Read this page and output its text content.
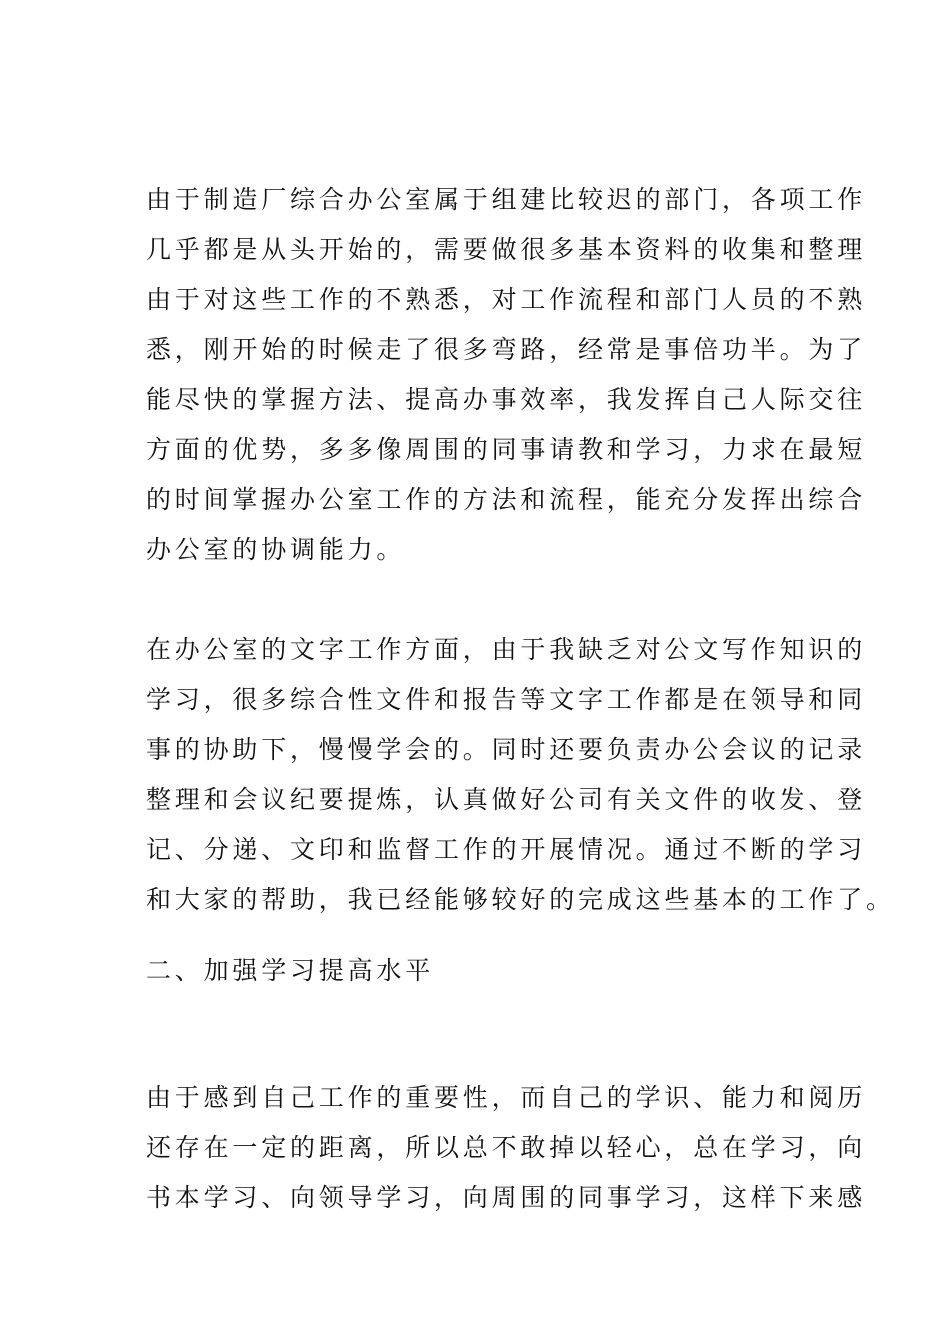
由于制造厂综合办公室属于组建比较迟的部门，各项工作
几乎都是从头开始的，需要做很多基本资料的收集和整理
由于对这些工作的不熟悉，对工作流程和部门人员的不熟
悉，刚开始的时候走了很多弯路，经常是事倍功半。为了
能尽快的掌握方法、提高办事效率，我发挥自己人际交往
方面的优势，多多像周围的同事请教和学习，力求在最短
的时间掌握办公室工作的方法和流程，能充分发挥出综合
办公室的协调能力。
在办公室的文字工作方面，由于我缺乏对公文写作知识的
学习，很多综合性文件和报告等文字工作都是在领导和同
事的协助下，慢慢学会的。同时还要负责办公会议的记录
整理和会议纪要提炼，认真做好公司有关文件的收发、登
记、分递、文印和监督工作的开展情况。通过不断的学习
和大家的帮助，我已经能够较好的完成这些基本的工作了。
二、加强学习提高水平
由于感到自己工作的重要性，而自己的学识、能力和阅历
还存在一定的距离，所以总不敢掉以轻心，总在学习，向
书本学习、向领导学习，向周围的同事学习，这样下来感
